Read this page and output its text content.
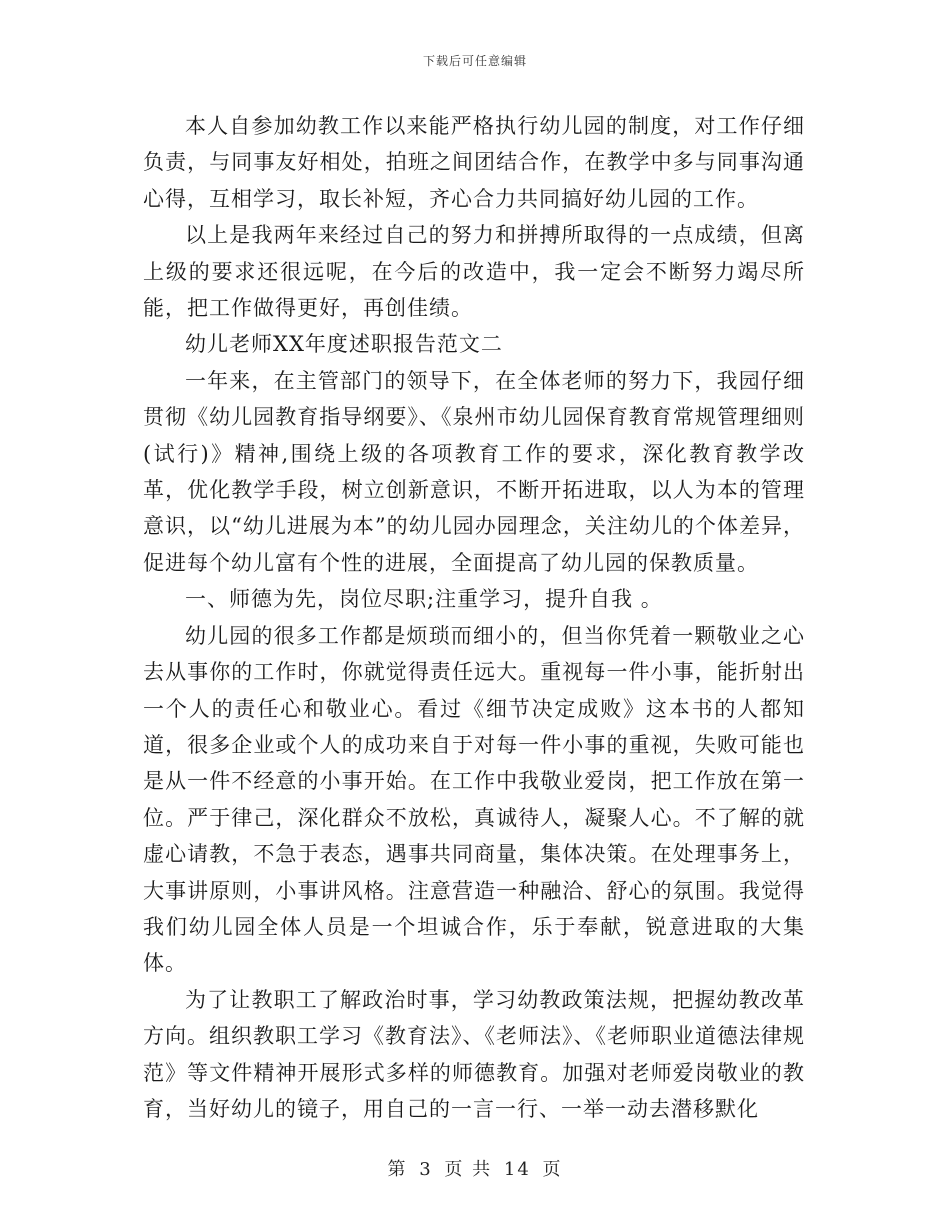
下载后可任意编辑

本人自参加幼教工作以来能严格执行幼儿园的制度，对工作仔细负责，与同事友好相处，拍班之间团结合作，在教学中多与同事沟通心得，互相学习，取长补短，齐心合力共同搞好幼儿园的工作。

以上是我两年来经过自己的努力和拼搏所取得的一点成绩，但离上级的要求还很远呢，在今后的改造中，我一定会不断努力竭尽所能，把工作做得更好，再创佳绩。

幼儿老师XX年度述职报告范文二

一年来，在主管部门的领导下，在全体老师的努力下，我园仔细贯彻《幼儿园教育指导纲要》、《泉州市幼儿园保育教育常规管理细则(试行)》精神,围绕上级的各项教育工作的要求，深化教育教学改革，优化教学手段，树立创新意识，不断开拓进取，以人为本的管理意识，以“幼儿进展为本”的幼儿园办园理念，关注幼儿的个体差异，促进每个幼儿富有个性的进展，全面提高了幼儿园的保教质量。

一、师德为先，岗位尽职;注重学习，提升自我 。

幼儿园的很多工作都是烦琐而细小的，但当你凭着一颗敬业之心去从事你的工作时，你就觉得责任远大。重视每一件小事，能折射出一个人的责任心和敬业心。看过《细节决定成败》这本书的人都知道，很多企业或个人的成功来自于对每一件小事的重视，失败可能也是从一件不经意的小事开始。在工作中我敬业爱岗，把工作放在第一位。严于律己，深化群众不放松，真诚待人，凝聚人心。不了解的就虚心请教，不急于表态，遇事共同商量，集体决策。在处理事务上，大事讲原则，小事讲风格。注意营造一种融洽、舒心的氛围。我觉得我们幼儿园全体人员是一个坦诚合作，乐于奉献，锐意进取的大集体。

为了让教职工了解政治时事，学习幼教政策法规，把握幼教改革方向。组织教职工学习《教育法》、《老师法》、《老师职业道德法律规范》等文件精神开展形式多样的师德教育。加强对老师爱岗敬业的教育，当好幼儿的镜子，用自己的一言一行、一举一动去潜移默化

第 3 页 共 14 页
